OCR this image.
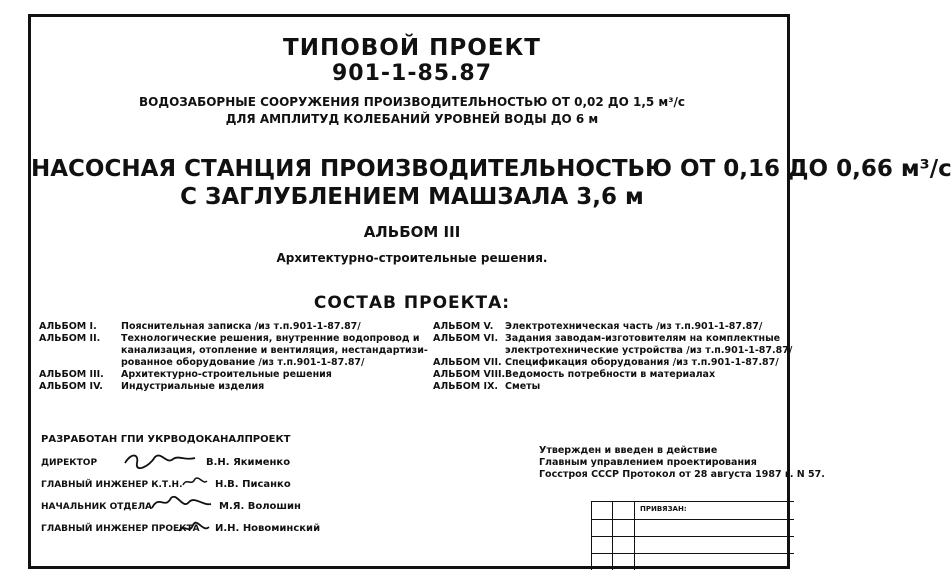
ТИПОВОЙ ПРОЕКТ
901-1-85.87
ВОДОЗАБОРНЫЕ СООРУЖЕНИЯ ПРОИЗВОДИТЕЛЬНОСТЬЮ ОТ 0,02 ДО 1,5 м³/с
ДЛЯ АМПЛИТУД КОЛЕБАНИЙ УРОВНЕЙ ВОДЫ ДО 6 м
НАСОСНАЯ СТАНЦИЯ ПРОИЗВОДИТЕЛЬНОСТЬЮ ОТ 0,16 ДО 0,66 м³/с
С ЗАГЛУБЛЕНИЕМ МАШЗАЛА 3,6 м
АЛЬБОМ III
Архитектурно-строительные решения.
СОСТАВ ПРОЕКТА:
АЛЬБОМ I.	Пояснительная записка /из т.п.901-1-87.87/
АЛЬБОМ II. Технологические решения, внутренние водопровод и
канализация, отопление и вентиляция, нестандартизи-
рованное оборудование /из т.п.901-1-87.87/
АЛЬБОМ III. Архитектурно-строительные решения
АЛЬБОМ IV. Индустриальные изделия
АЛЬБОМ V. Электротехническая часть /из т.п.901-1-87.87/
АЛЬБОМ VI. Задания заводам-изготовителям на комплектные
электротехнические устройства /из т.п.901-1-87.87/
АЛЬБОМ VII. Спецификация оборудования /из т.п.901-1-87.87/
АЛЬБОМ VIII. Ведомость потребности в материалах
АЛЬБОМ IX. Сметы
РАЗРАБОТАН ГПИ УКРВОДОКАНАЛПРОЕКТ
ДИРЕКТОР	В.Н. Якименко
ГЛАВНЫЙ ИНЖЕНЕР К.Т.Н.	Н.В. Писанко
НАЧАЛЬНИК ОТДЕЛА	М.Я. Волошин
ГЛАВНЫЙ ИНЖЕНЕР ПРОЕКТА И.Н. Новоминский
Утвержден и введен в действие
Главным управлением проектирования
Госстроя СССР Протокол от 28 августа 1987 г. N 57.
ПРИВЯЗАН:
